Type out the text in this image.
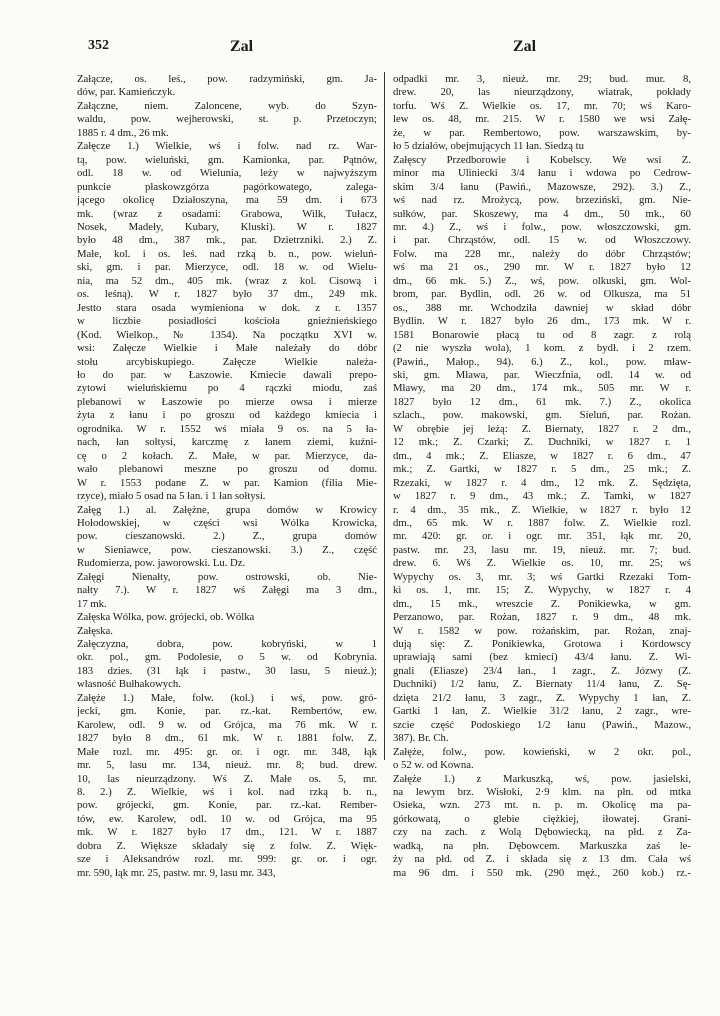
352	Zal	Zal
Załącze, os. leś., pow. radzymiński, gm. Ja-
dów, par. Kamieńczyk.
Załączne, niem. Zaloncene, wyb. do Szyn-
waldu, pow. wejherowski, st. p. Przetoczyn;
1885 r. 4 dm., 26 mk.
Załęcze 1.) Wielkie, wś i folw. nad rz. War-
tą, pow. wieluński, gm. Kamionka, par. Pątnów,
odl. 18 w. od Wielunia, leży w najwyższym
punkcie płaskowzgórza pagórkowatego, zalega-
jącego okolicę Działoszyna, ma 59 dm. i 673
mk. (wraz z osadami: Grabowa, Wilk, Tułacz,
Nosek, Madeły, Kubary, Kluski). W r. 1827
było 48 dm., 387 mk., par. Dzietrzniki. 2.) Z.
Małe, kol. i os. leś. nad rzką b. n., pow. wieluń-
ski, gm. i par. Mierzyce, odl. 18 w. od Wielu-
nia, ma 52 dm., 405 mk. (wraz z kol. Cisową i
os. leśną). W r. 1827 było 37 dm., 249 mk.
Jestto stara osada wymieniona w dok. z r. 1357
w liczbie posiadłości kościoła gnieźnieńskiego
(Kod. Wielkop., № 1354). Na początku XVI w.
wsi: Załęcze Wielkie i Małe należały do dóbr
stołu arcybiskupiego. Załęcze Wielkie należa-
ło do par. w Łaszowie. Kmiecie dawali prepo-
zytowi wieluńskiemu po 4 rączki miodu, zaś
plebanowi w Łaszowie po mierze owsa i mierze
żyta z łanu i po groszu od każdego kmiecia i
ogrodnika. W r. 1552 wś miała 9 os. na 5 ła-
nach, łan sołtysi, karczmę z łanem ziemi, kuźni-
cę o 2 kołach. Z. Małe, w par. Mierzyce, da-
wało plebanowi meszne po groszu od domu.
W r. 1553 podane Z. w par. Kamion (filia Mie-
rzyce), miało 5 osad na 5 łan. i 1 łan sołtysi.
Załęg 1.) al. Załężne, grupa domów w Krowicy
Hołodowskiej, w części wsi Wólka Krowicka,
pow. cieszanowski. 2.) Z., grupa domów
w Sieniawce, pow. cieszanowski. 3.) Z., część
Rudomierza, pow. jaworowski. Lu. Dz.
Załęgi Nienałty, pow. ostrowski, ob. Nie-
nałty 7.). W r. 1827 wś Załęgi ma 3 dm.,
17 mk.
Załęska Wólka, pow. grójecki, ob. Wólka
Załęska.
Załęczyzna, dobra, pow. kobryński, w 1
okr. pol., gm. Podolesie, o 5 w. od Kobrynia.
183 dzies. (31 łąk i pastw., 30 lasu, 5 nieuż.);
własność Bułhakowych.
Załęże 1.) Małe, folw. (kol.) i wś, pow. gró-
jecki, gm. Konie, par. rz.-kat. Rembertów, ew.
Karolew, odl. 9 w. od Grójca, ma 76 mk. W r.
1827 było 8 dm., 61 mk. W r. 1881 folw. Z.
Małe rozl. mr. 495: gr. or. i ogr. mr. 348, łąk
mr. 5, lasu mr. 134, nieuż. mr. 8; bud. drew.
10, las nieurządzony. Wś Z. Małe os. 5, mr.
8. 2.) Z. Wielkie, wś i kol. nad rzką b. n.,
pow. grójecki, gm. Konie, par. rz.-kat. Rember-
tów, ew. Karolew, odl. 10 w. od Grójca, ma 95
mk. W r. 1827 było 17 dm., 121. W r. 1887
dobra Z. Większe składały się z folw. Z. Więk-
sze i Aleksandrów rozl. mr. 999: gr. or. i ogr.
mr. 590, łąk mr. 25, pastw. mr. 9, lasu mr. 343,
odpadki mr. 3, nieuż. mr. 29; bud. mur. 8,
drew. 20, las nieurządzony, wiatrak, pokłady
torfu. Wś Z. Wielkie os. 17, mr. 70; wś Karo-
lew os. 48, mr. 215. W r. 1580 we wsi Załę-
że, w par. Rembertowo, pow. warszawskim, by-
ło 5 działów, obejmujących 11 łan. Siedzą tu
Załęscy Przedborowie i Kobelscy. We wsi Z.
minor ma Uliniecki 3/4 łanu i wdowa po Cedrow-
skim 3/4 łanu (Pawiń., Mazowsze, 292). 3.) Z.,
wś nad rz. Mrożycą, pow. brzeziński, gm. Nie-
sułków, par. Skoszewy, ma 4 dm., 50 mk., 60
mr. 4.) Z., wś i folw., pow. włoszczowski, gm.
i par. Chrząstów, odl. 15 w. od Włoszczowy.
Folw. ma 228 mr., należy do dóbr Chrząstów;
wś ma 21 os., 290 mr. W r. 1827 było 12
dm., 66 mk. 5.) Z., wś, pow. olkuski, gm. Wol-
brom, par. Bydlin, odl. 26 w. od Olkusza, ma 51
os., 388 mr. Wchodziła dawniej w skład dóbr
Bydlin. W r. 1827 było 26 dm., 173 mk. W r.
1581 Bonarowie płacą tu od 8 zagr. z rolą
(2 nie wyszła wola), 1 kom. z bydł. i 2 rzem.
(Pawiń., Małop., 94). 6.) Z., kol., pow. mław-
ski, gm. Mława, par. Wieczfnia, odl. 14 w. od
Mławy, ma 20 dm., 174 mk., 505 mr. W r.
1827 było 12 dm., 61 mk. 7.) Z., okolica
szlach., pow. makowski, gm. Sieluń, par. Rożan.
W obrębie jej leżą: Z. Biernaty, 1827 r. 2 dm.,
12 mk.; Z. Czarki; Z. Duchniki, w 1827 r. 1
dm., 4 mk.; Z. Eliasze, w 1827 r. 6 dm., 47
mk.; Z. Gartki, w 1827 r. 5 dm., 25 mk.; Z.
Rzezaki, w 1827 r. 4 dm., 12 mk. Z. Sędzięta,
w 1827 r. 9 dm., 43 mk.; Z. Tamki, w 1827
r. 4 dm., 35 mk., Z. Wielkie, w 1827 r. było 12
dm., 65 mk. W r. 1887 folw. Z. Wielkie rozl.
mr. 420: gr. or. i ogr. mr. 351, łąk mr. 20,
pastw. mr. 23, lasu mr. 19, nieuż. mr. 7; bud.
drew. 6. Wś Z. Wielkie os. 10, mr. 25; wś
Wypychy os. 3, mr. 3; wś Gartki Rzezaki Tom-
ki os. 1, mr. 15; Z. Wypychy, w 1827 r. 4
dm., 15 mk., wreszcie Z. Ponikiewka, w gm.
Perzanowo, par. Rożan, 1827 r. 9 dm., 48 mk.
W r. 1582 w pow. rożańskim, par. Rożan, znaj-
dują się: Z. Ponikiewka, Grotowa i Kordowscy
uprawiają sami (bez kmieci) 43/4 łanu. Z. Wi-
gnali (Eliasze) 23/4 łan., 1 zagr., Z. Józwy (Z.
Duchniki) 1/2 łanu, Z. Biernaty 11/4 łanu, Z. Sę-
dzięta 21/2 łanu, 3 zagr., Z. Wypychy 1 łan, Z.
Gartki 1 łan, Z. Wielkie 31/2 łanu, 2 zagr., wre-
szcie część Podoskiego 1/2 łanu (Pawiń., Mazow.,
387). Br. Ch.
Załęże, folw., pow. kowieński, w 2 okr. pol.,
o 52 w. od Kowna.
Załęże 1.) z Markuszką, wś, pow. jasielski,
na lewym brz. Wisłoki, 2·9 klm. na płn. od mtka
Osieka, wzn. 273 mt. n. p. m. Okolicę ma pa-
górkowatą, o glebie ciężkiej, iłowatej. Grani-
czy na zach. z Wolą Dębowiecką, na płd. z Za-
wadką, na płn. Dębowcem. Markuszka zaś le-
ży na płd. od Z. i składa się z 13 dm. Cała wś
ma 96 dm. i 550 mk. (290 męż., 260 kob.) rz.-
